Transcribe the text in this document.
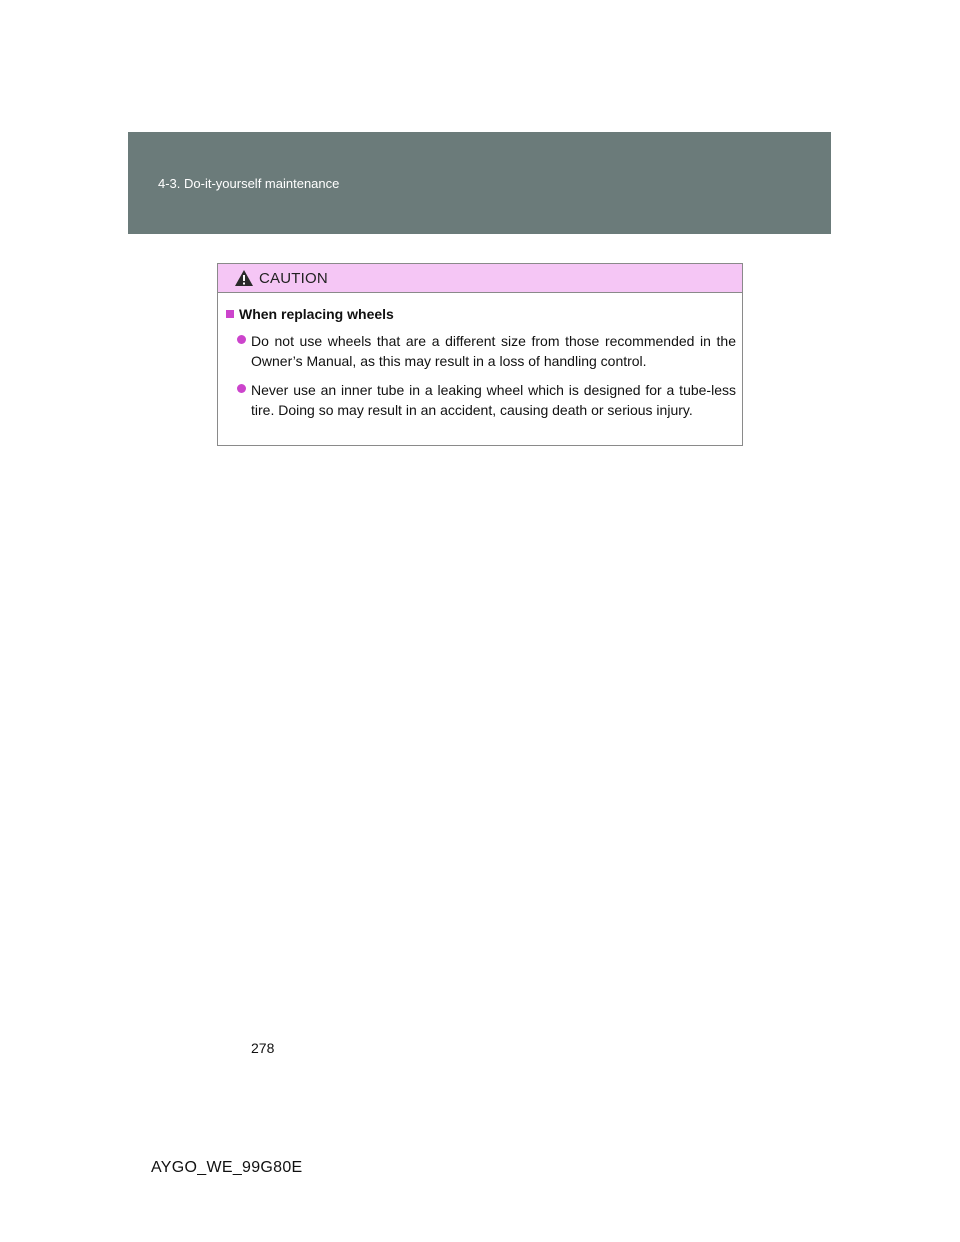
4-3. Do-it-yourself maintenance
CAUTION
When replacing wheels
Do not use wheels that are a different size from those recommended in the Owner’s Manual, as this may result in a loss of handling control.
Never use an inner tube in a leaking wheel which is designed for a tube-less tire. Doing so may result in an accident, causing death or serious injury.
278
AYGO_WE_99G80E
